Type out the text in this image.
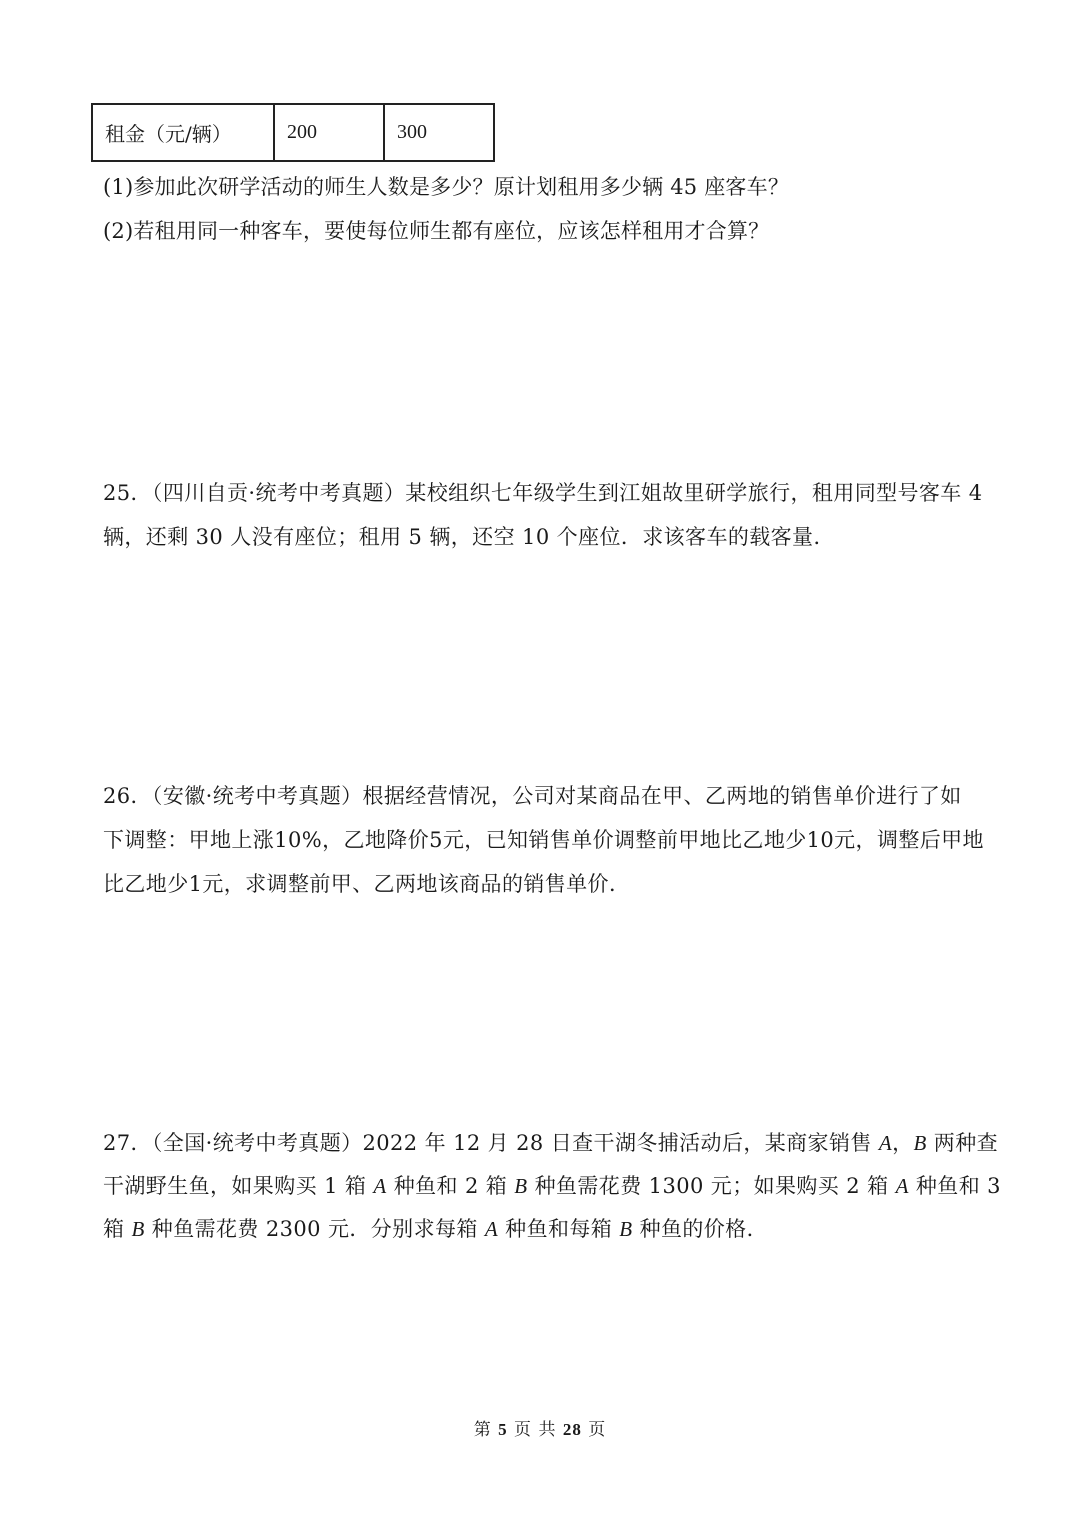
租金（元/辆）	200	300
(1)参加此次研学活动的师生人数是多少？原计划租用多少辆 45 座客车？
(2)若租用同一种客车，要使每位师生都有座位，应该怎样租用才合算？
25．（四川自贡·统考中考真题）某校组织七年级学生到江姐故里研学旅行，租用同型号客车 4
辆，还剩 30 人没有座位；租用 5 辆，还空 10 个座位．求该客车的载客量．
26．（安徽·统考中考真题）根据经营情况，公司对某商品在甲、乙两地的销售单价进行了如
下调整：甲地上涨10%，乙地降价5元，已知销售单价调整前甲地比乙地少10元，调整后甲地
比乙地少1元，求调整前甲、乙两地该商品的销售单价．
27．（全国·统考中考真题）2022 年 12 月 28 日查干湖冬捕活动后，某商家销售 A，B 两种查
干湖野生鱼，如果购买 1 箱 A 种鱼和 2 箱 B 种鱼需花费 1300 元；如果购买 2 箱 A 种鱼和 3
箱 B 种鱼需花费 2300 元．分别求每箱 A 种鱼和每箱 B 种鱼的价格．
第 5 页 共 28 页
